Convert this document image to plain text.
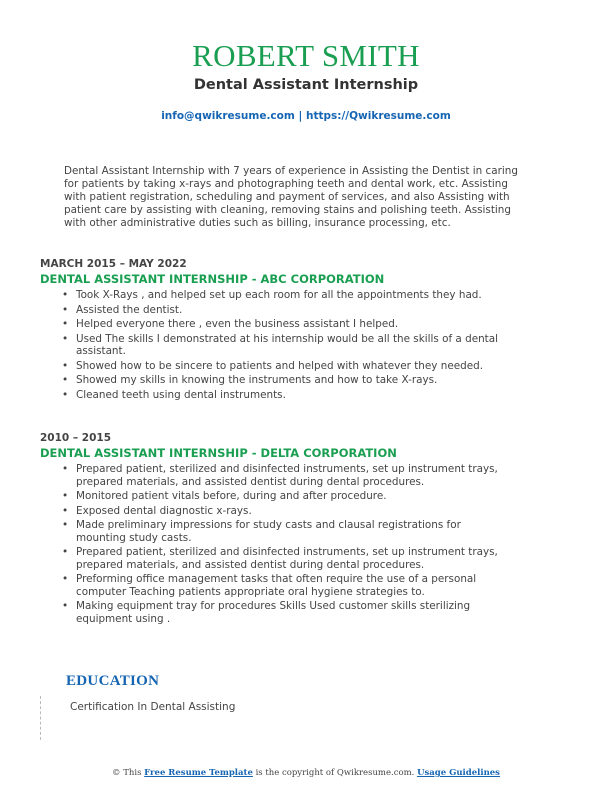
ROBERT SMITH
Dental Assistant Internship
info@qwikresume.com | https://Qwikresume.com
Dental Assistant Internship with 7 years of experience in Assisting the Dentist in caring for patients by taking x-rays and photographing teeth and dental work, etc. Assisting with patient registration, scheduling and payment of services, and also Assisting with patient care by assisting with cleaning, removing stains and polishing teeth. Assisting with other administrative duties such as billing, insurance processing, etc.
MARCH 2015 – MAY 2022
DENTAL ASSISTANT INTERNSHIP - ABC CORPORATION
• Took X-Rays , and helped set up each room for all the appointments they had.
• Assisted the dentist.
• Helped everyone there , even the business assistant I helped.
• Used The skills I demonstrated at his internship would be all the skills of a dental assistant.
• Showed how to be sincere to patients and helped with whatever they needed.
• Showed my skills in knowing the instruments and how to take X-rays.
• Cleaned teeth using dental instruments.
2010 – 2015
DENTAL ASSISTANT INTERNSHIP - DELTA CORPORATION
• Prepared patient, sterilized and disinfected instruments, set up instrument trays, prepared materials, and assisted dentist during dental procedures.
• Monitored patient vitals before, during and after procedure.
• Exposed dental diagnostic x-rays.
• Made preliminary impressions for study casts and clausal registrations for mounting study casts.
• Prepared patient, sterilized and disinfected instruments, set up instrument trays, prepared materials, and assisted dentist during dental procedures.
• Preforming office management tasks that often require the use of a personal computer Teaching patients appropriate oral hygiene strategies to.
• Making equipment tray for procedures Skills Used customer skills sterilizing equipment using .
EDUCATION
Certification In Dental Assisting
© This Free Resume Template is the copyright of Qwikresume.com. Usage Guidelines
